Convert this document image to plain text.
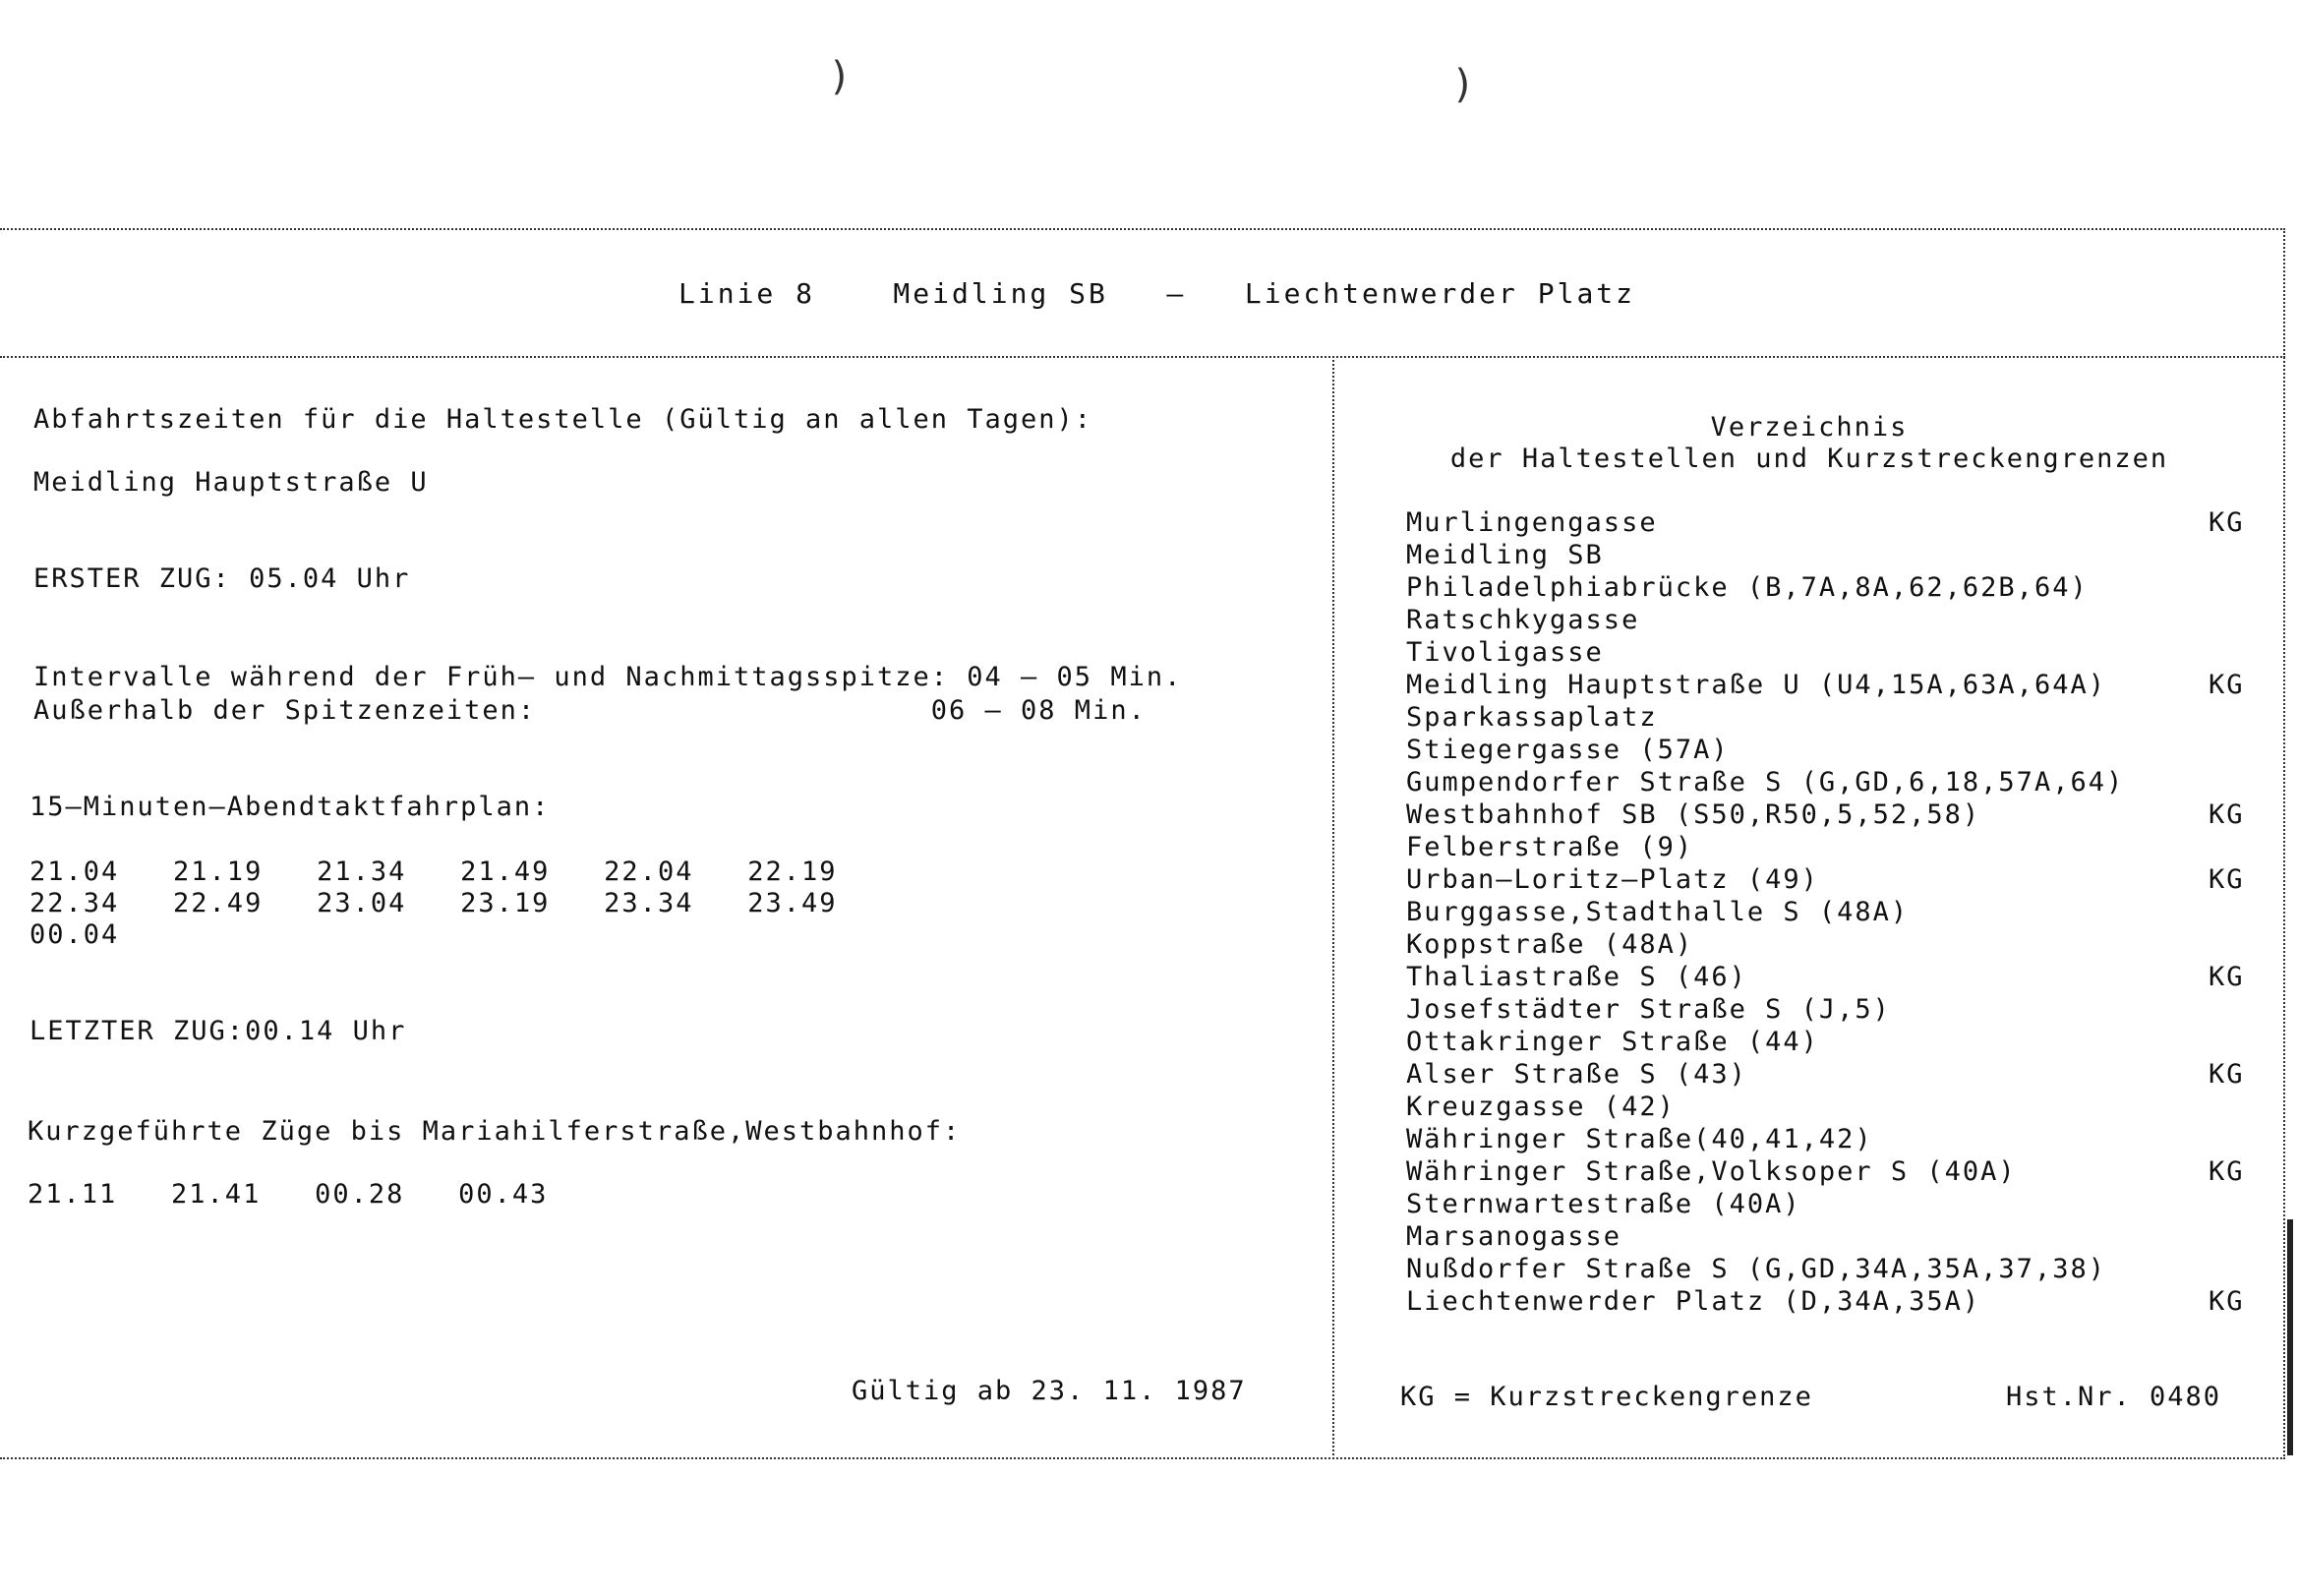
)	)
Linie 8    Meidling SB   –   Liechtenwerder Platz
Abfahrtszeiten für die Haltestelle (Gültig an allen Tagen):
Meidling Hauptstraße U
ERSTER ZUG: 05.04 Uhr
Intervalle während der Früh– und Nachmittagsspitze: 04 – 05 Min.
Außerhalb der Spitzenzeiten:                      06 – 08 Min.
15–Minuten–Abendtaktfahrplan:
21.04   21.19   21.34   21.49   22.04   22.19
22.34   22.49   23.04   23.19   23.34   23.49
00.04
LETZTER ZUG:00.14 Uhr
Kurzgeführte Züge bis Mariahilferstraße,Westbahnhof:
21.11   21.41   00.28   00.43
Gültig ab 23. 11. 1987
Verzeichnis
der Haltestellen und Kurzstreckengrenzen
Murlingengasse	KG
Meidling SB
Philadelphiabrücke (B,7A,8A,62,62B,64)
Ratschkygasse
Tivoligasse
Meidling Hauptstraße U (U4,15A,63A,64A)	KG
Sparkassaplatz
Stiegergasse (57A)
Gumpendorfer Straße S (G,GD,6,18,57A,64)
Westbahnhof SB (S50,R50,5,52,58)	KG
Felberstraße (9)
Urban–Loritz–Platz (49)	KG
Burggasse,Stadthalle S (48A)
Koppstraße (48A)
Thaliastraße S (46)	KG
Josefstädter Straße S (J,5)
Ottakringer Straße (44)
Alser Straße S (43)	KG
Kreuzgasse (42)
Währinger Straße(40,41,42)
Währinger Straße,Volksoper S (40A)	KG
Sternwartestraße (40A)
Marsanogasse
Nußdorfer Straße S (G,GD,34A,35A,37,38)
Liechtenwerder Platz (D,34A,35A)	KG
KG = Kurzstreckengrenze	Hst.Nr. 0480
